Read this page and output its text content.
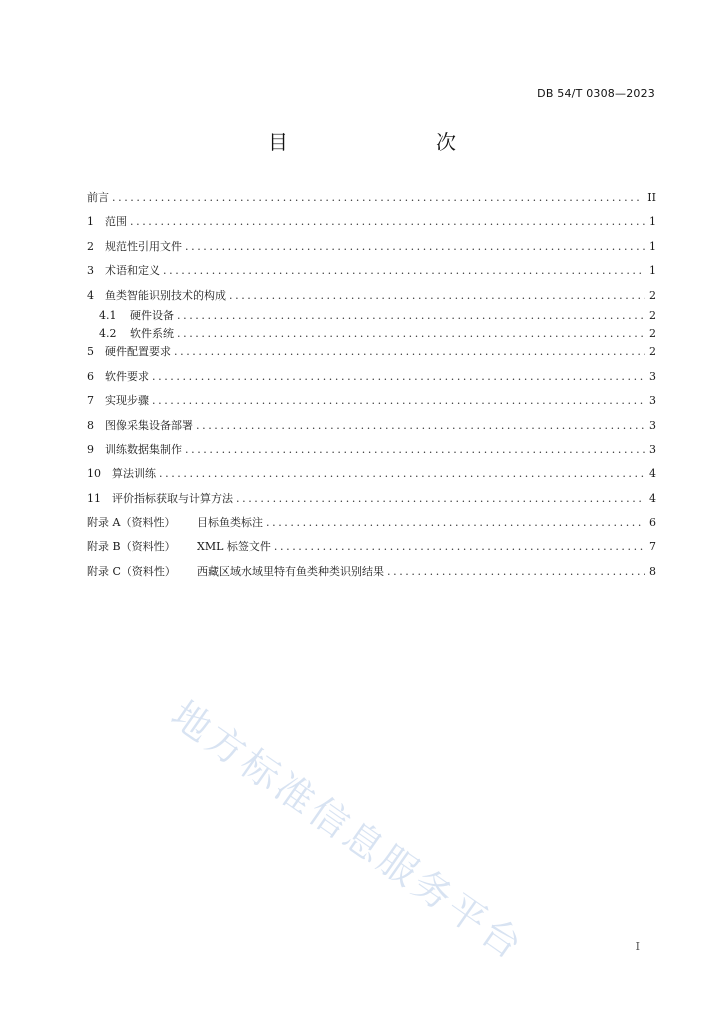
DB 54/T 0308—2023
目　　次
前言 .....	II
1	范围 .....	1
2	规范性引用文件 .....	1
3	术语和定义 .....	1
4	鱼类智能识别技术的构成 .....	2
4.1	硬件设备 .....	2
4.2	软件系统 .....	2
5	硬件配置要求 .....	2
6	软件要求 .....	3
7	实现步骤 .....	3
8	图像采集设备部署 .....	3
9	训练数据集制作 .....	3
10	算法训练 .....	4
11	评价指标获取与计算方法 .....	4
附录 A（资料性）	目标鱼类标注 .....	6
附录 B（资料性）	XML 标签文件 .....	7
附录 C（资料性）	西藏区域水域里特有鱼类种类识别结果 .....	8
地方标准信息服务平台	I
